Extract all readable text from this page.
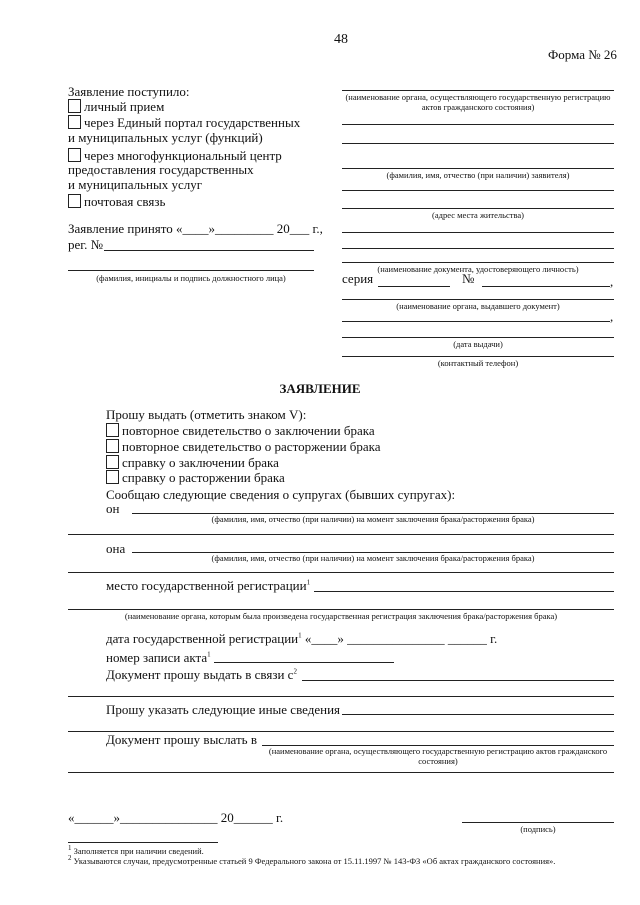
48
Форма № 26
Заявление поступило:
личный прием
через Единый портал государственных
и муниципальных услуг (функций)
через многофункциональный центр
предоставления государственных
и муниципальных услуг
почтовая связь
Заявление принято «____»_________ 20___ г.,
рег. №
(фамилия, инициалы и подпись должностного лица)
(наименование органа, осуществляющего государственную регистрацию актов гражданского состояния)
(фамилия, имя, отчество (при наличии) заявителя)
(адрес места жительства)
(наименование документа, удостоверяющего личность)
серия	№	,
(наименование органа, выдавшего документ)
,
(дата выдачи)
(контактный телефон)
ЗАЯВЛЕНИЕ
Прошу выдать (отметить знаком V):
повторное свидетельство о заключении брака
повторное свидетельство о расторжении брака
справку о заключении брака
справку о расторжении брака
Сообщаю следующие сведения о супругах (бывших супругах):
он
(фамилия, имя, отчество (при наличии) на момент заключения брака/расторжения брака)
она
(фамилия, имя, отчество (при наличии) на момент заключения брака/расторжения брака)
место государственной регистрации$^1$
(наименование органа, которым была произведена государственная регистрация заключения брака/расторжения брака)
дата государственной регистрации$^1$ «____» _______________ ______ г.
номер записи акта$^1$
Документ прошу выдать в связи $с^2$
Прошу указать следующие иные сведения
Документ прошу выслать в
(наименование органа, осуществляющего государственную регистрацию актов гражданского состояния)
«______»_______________ 20______ г.
(подпись)
$^1$ Заполняется при наличии сведений.
$^2$ Указываются случаи, предусмотренные статьей 9 Федерального закона от 15.11.1997 № 143-ФЗ «Об актах гражданского состояния».
